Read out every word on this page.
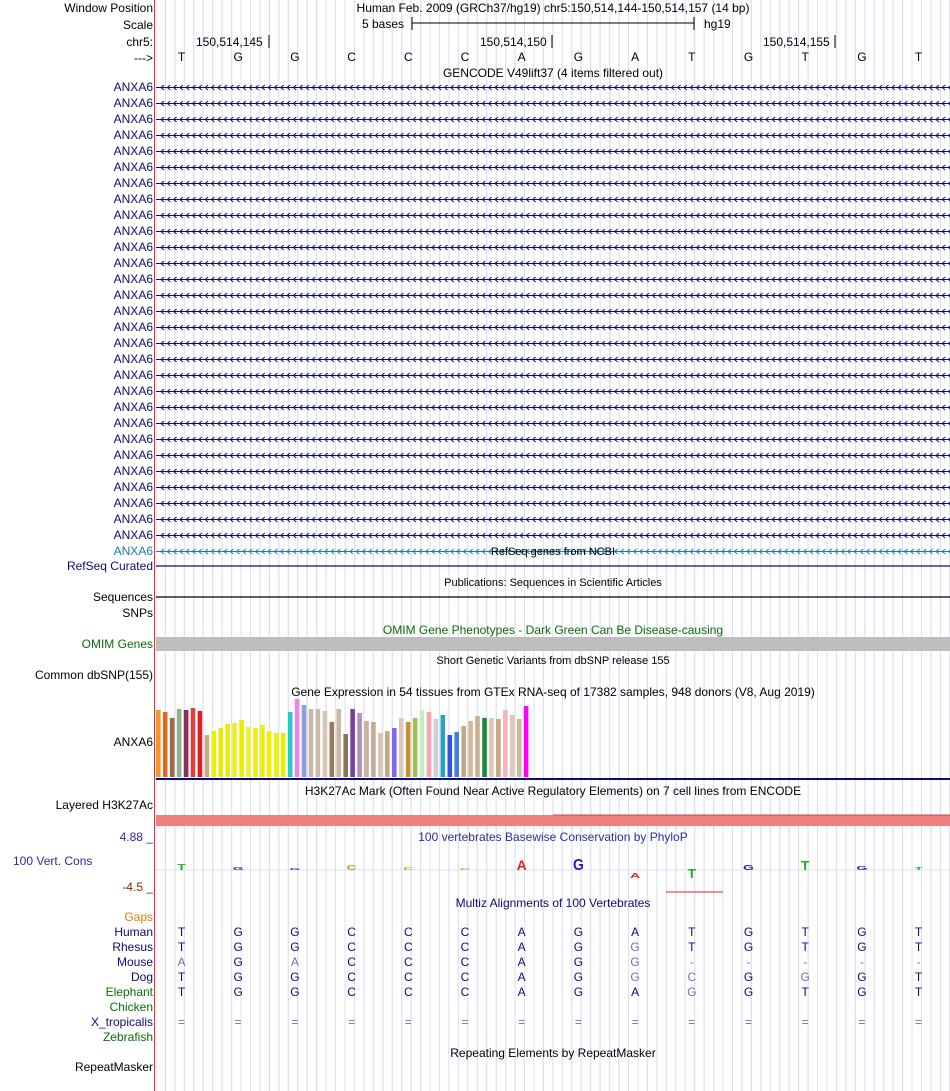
T	G	G	C	C	C	A	G
A	T	G	T	G	T
Window Position
Scale
chr5:
--->
Human Feb. 2009 (GRCh37/hg19) chr5:150,514,144-150,514,157 (14 bp)
5 bases	hg19
150,514,145	150,514,150	150,514,155
T	G	G	C	C	C	A	G	A	T	G	T	G	T
GENCODE V49lift37 (4 items filtered out)
ANXA6
ANXA6
ANXA6
ANXA6
ANXA6
ANXA6
ANXA6
ANXA6
ANXA6
ANXA6
ANXA6
ANXA6
ANXA6
ANXA6
ANXA6
ANXA6
ANXA6
ANXA6
ANXA6
ANXA6
ANXA6
ANXA6
ANXA6
ANXA6
ANXA6
ANXA6
ANXA6
ANXA6
ANXA6
ANXA6	RefSeq genes from NCBI
RefSeq Curated
Publications: Sequences in Scientific Articles
Sequences
SNPs
OMIM Gene Phenotypes - Dark Green Can Be Disease-causing
OMIM Genes
Short Genetic Variants from dbSNP release 155
Common dbSNP(155)
Gene Expression in 54 tissues from GTEx RNA-seq of 17382 samples, 948 donors (V8, Aug 2019)
ANXA6
H3K27Ac Mark (Often Found Near Active Regulatory Elements) on 7 cell lines from ENCODE
Layered H3K27Ac
100 vertebrates Basewise Conservation by PhyloP
4.88 _
100 Vert. Cons
-4.5 _
Multiz Alignments of 100 Vertebrates
Gaps
Human	T	G	G	C	C	C	A	G	A	T	G	T	G	T
Rhesus	T	G	G	C	C	C	A	G	G	T	G	T	G	T
Mouse	A	G	A	C	C	C	A	G	G	-	-	-	-	-
Dog	T	G	G	C	C	C	A	G	G	C	G	G	G	T
Elephant	T	G	G	C	C	C	A	G	A	G	G	T	G	T
Chicken
X_tropicalis	=	=	=	=	=	=	=	=	=	=	=	=	=	=
Zebrafish
Repeating Elements by RepeatMasker
RepeatMasker
